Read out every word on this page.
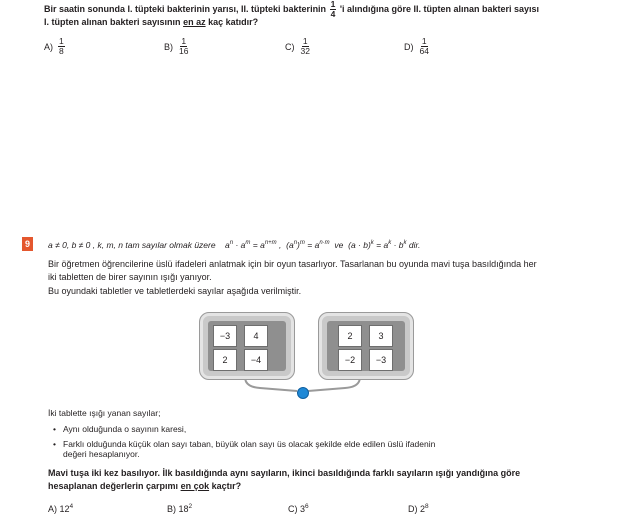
Bir saatin sonunda I. tüpteki bakterinin yarısı, II. tüpteki bakterinin $\frac{1}{4}$ 'i alındığına göre II. tüpten alınan bakteri sayısı
I. tüpten alınan bakteri sayısının en az kaç katıdır?
$A) \frac{1}{8}$	$B) \frac{1}{16}$	$C) \frac{1}{32}$	$D) \frac{1}{64}$
9	a ≠ 0, b ≠ 0 , k, m, n tam sayılar olmak üzere $a^n \cdot a^m = a^{n+m}$ , $(a^n)^m = a^{n\cdot m}$ ve $(a \cdot b)^k = a^k \cdot b^k$ dir.
Bir öğretmen öğrencilerine üslü ifadeleri anlatmak için bir oyun tasarlıyor. Tasarlanan bu oyunda mavi tuşa basıldığında her
iki tabletten de birer sayının ışığı yanıyor.
Bu oyundaki tabletler ve tabletlerdeki sayılar aşağıda verilmiştir.
−3	4
2	−4
2	3
−2	−3
İki tablette ışığı yanan sayılar;
• Aynı olduğunda o sayının karesi,
• Farklı olduğunda küçük olan sayı taban, büyük olan sayı üs olacak şekilde elde edilen üslü ifadenin
değeri hesaplanıyor.
Mavi tuşa iki kez basılıyor. İlk basıldığında aynı sayıların, ikinci basıldığında farklı sayıların ışığı yandığına göre
hesaplanan değerlerin çarpımı en çok kaçtır?
A) $12^4$	B) $18^2$	C) $3^6$	D) $2^8$
